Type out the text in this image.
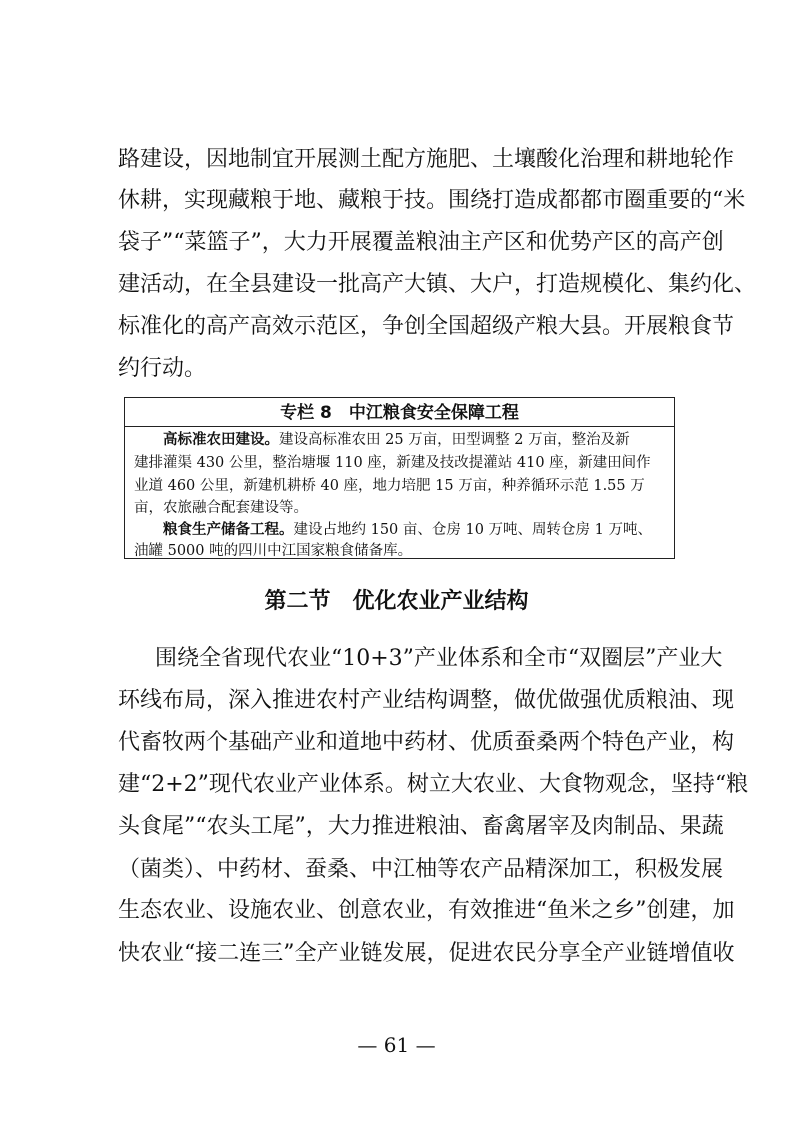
路建设，因地制宜开展测土配方施肥、土壤酸化治理和耕地轮作
休耕，实现藏粮于地、藏粮于技。围绕打造成都都市圈重要的“米
袋子”“菜篮子”，大力开展覆盖粮油主产区和优势产区的高产创
建活动，在全县建设一批高产大镇、大户，打造规模化、集约化、
标准化的高产高效示范区，争创全国超级产粮大县。开展粮食节
约行动。
专栏 8　中江粮食安全保障工程
高标准农田建设。建设高标准农田 25 万亩，田型调整 2 万亩，整治及新
建排灌渠 430 公里，整治塘堰 110 座，新建及技改提灌站 410 座，新建田间作
业道 460 公里，新建机耕桥 40 座，地力培肥 15 万亩，种养循环示范 1.55 万
亩，农旅融合配套建设等。
粮食生产储备工程。建设占地约 150 亩、仓房 10 万吨、周转仓房 1 万吨、
油罐 5000 吨的四川中江国家粮食储备库。
第二节　优化农业产业结构
围绕全省现代农业“10+3”产业体系和全市“双圈层”产业大
环线布局，深入推进农村产业结构调整，做优做强优质粮油、现
代畜牧两个基础产业和道地中药材、优质蚕桑两个特色产业，构
建“2+2”现代农业产业体系。树立大农业、大食物观念，坚持“粮
头食尾”“农头工尾”，大力推进粮油、畜禽屠宰及肉制品、果蔬
（菌类）、中药材、蚕桑、中江柚等农产品精深加工，积极发展
生态农业、设施农业、创意农业，有效推进“鱼米之乡”创建，加
快农业“接二连三”全产业链发展，促进农民分享全产业链增值收
— 61 —
